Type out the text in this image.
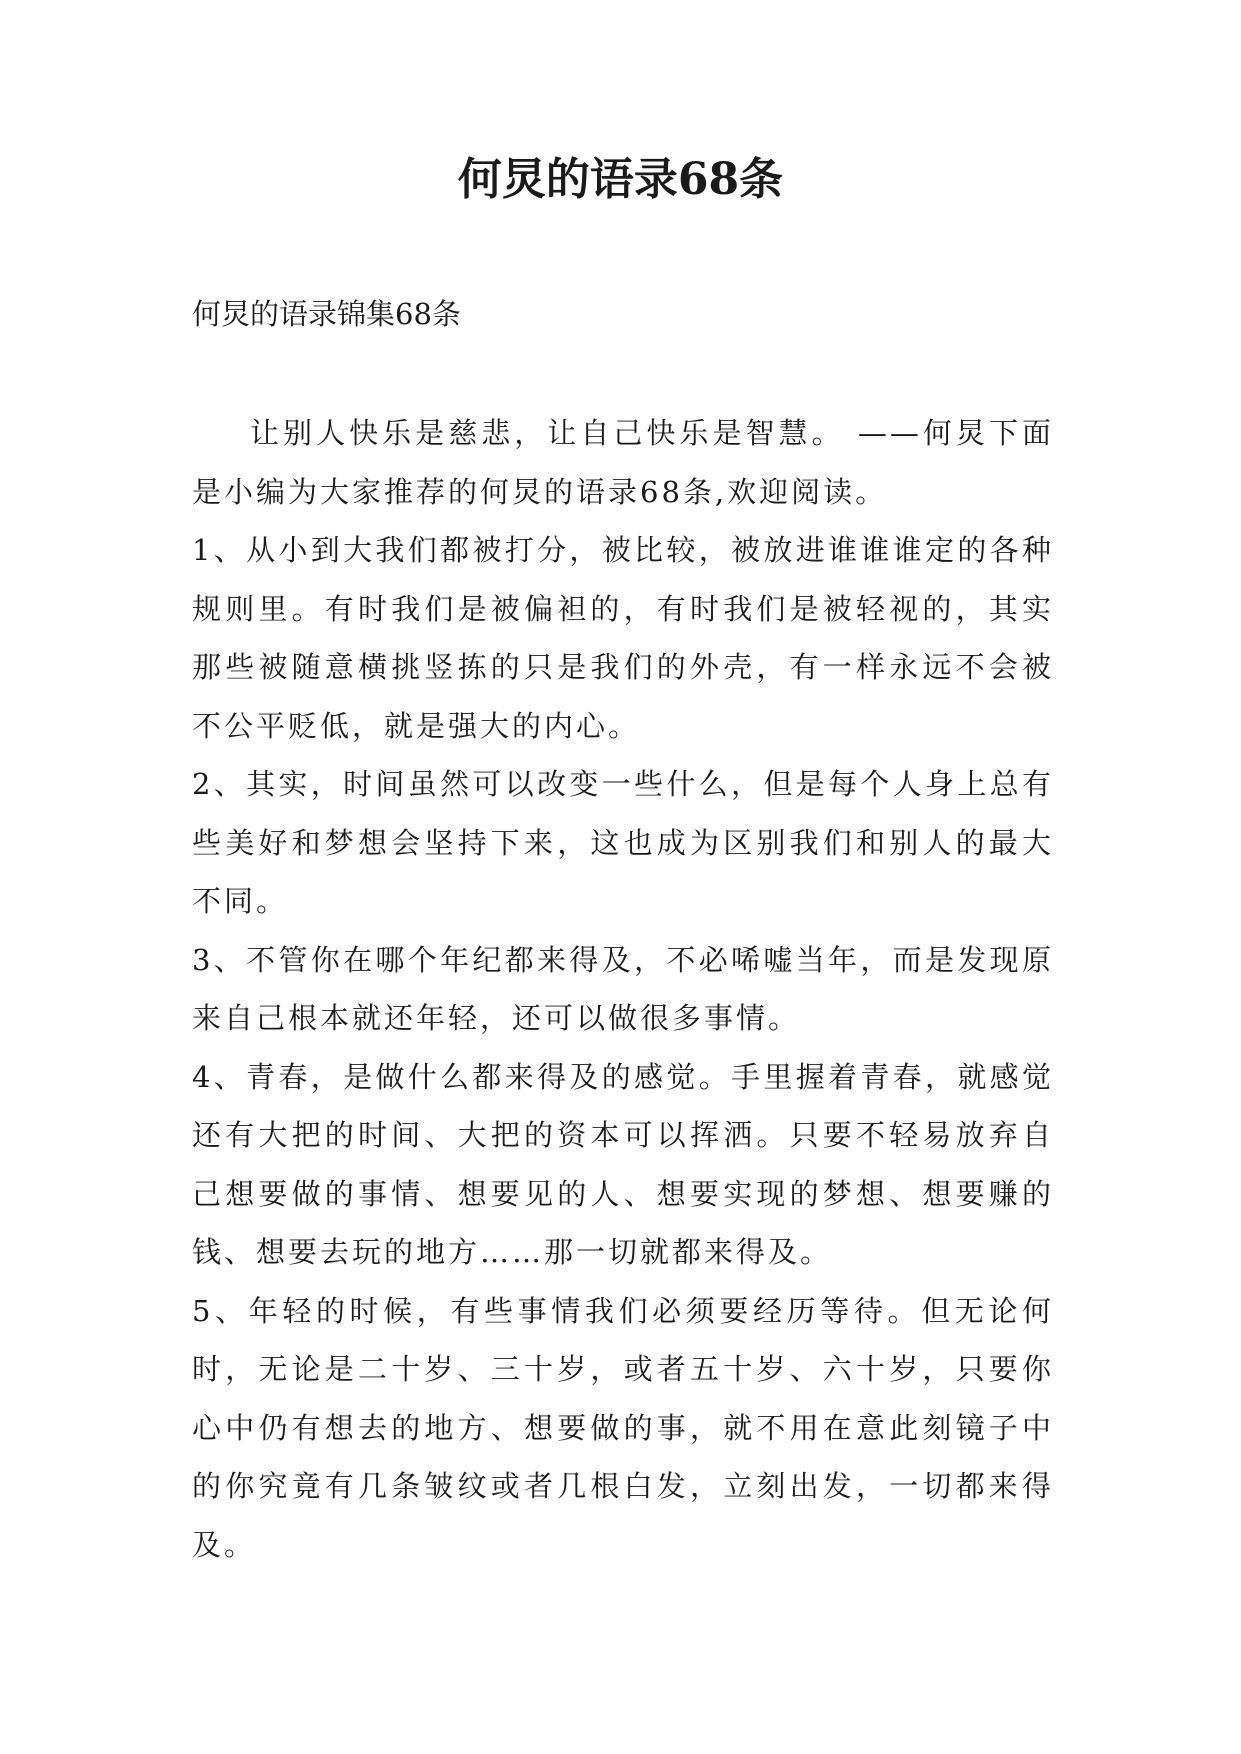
何炅的语录68条

何炅的语录锦集68条

让别人快乐是慈悲，让自己快乐是智慧。 ——何炅下面是小编为大家推荐的何炅的语录68条,欢迎阅读。

1、从小到大我们都被打分，被比较，被放进谁谁谁定的各种规则里。有时我们是被偏袒的，有时我们是被轻视的，其实那些被随意横挑竖拣的只是我们的外壳，有一样永远不会被不公平贬低，就是强大的内心。

2、其实，时间虽然可以改变一些什么，但是每个人身上总有些美好和梦想会坚持下来，这也成为区别我们和别人的最大不同。

3、不管你在哪个年纪都来得及，不必唏嘘当年，而是发现原来自己根本就还年轻，还可以做很多事情。

4、青春，是做什么都来得及的感觉。手里握着青春，就感觉还有大把的时间、大把的资本可以挥洒。只要不轻易放弃自己想要做的事情、想要见的人、想要实现的梦想、想要赚的钱、想要去玩的地方……那一切就都来得及。

5、年轻的时候，有些事情我们必须要经历等待。但无论何时，无论是二十岁、三十岁，或者五十岁、六十岁，只要你心中仍有想去的地方、想要做的事，就不用在意此刻镜子中的你究竟有几条皱纹或者几根白发，立刻出发，一切都来得及。
